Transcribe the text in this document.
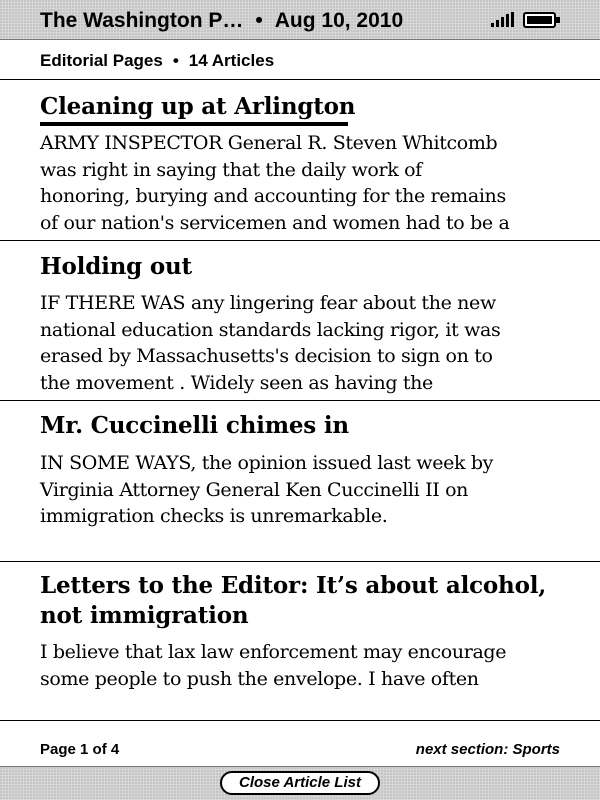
The Washington P… • Aug 10, 2010
Editorial Pages • 14 Articles
Cleaning up at Arlington
ARMY INSPECTOR General R. Steven Whitcomb
was right in saying that the daily work of
honoring, burying and accounting for the remains
of our nation's servicemen and women had to be a
Holding out
IF THERE WAS any lingering fear about the new
national education standards lacking rigor, it was
erased by Massachusetts's decision to sign on to
the movement . Widely seen as having the
Mr. Cuccinelli chimes in
IN SOME WAYS, the opinion issued last week by
Virginia Attorney General Ken Cuccinelli II on
immigration checks is unremarkable.
Letters to the Editor: It’s about alcohol,
not immigration
I believe that lax law enforcement may encourage
some people to push the envelope. I have often
Page 1 of 4	next section: Sports
Close Article List
